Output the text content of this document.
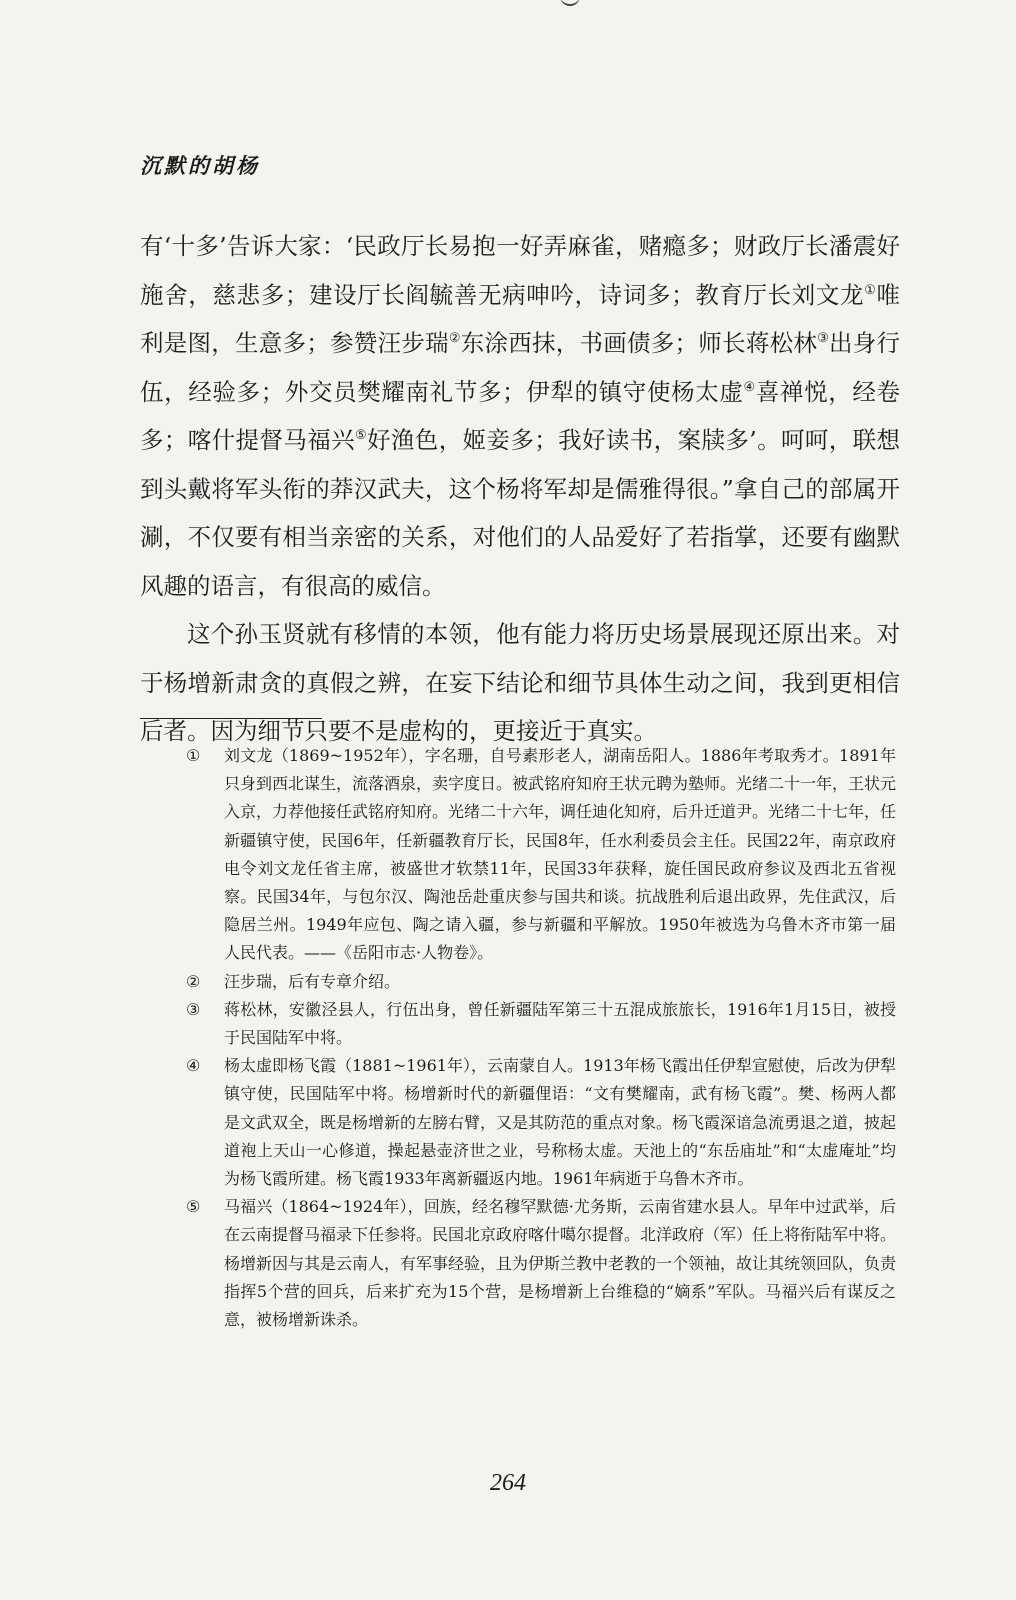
沉默的胡杨

有‘十多’告诉大家：‘民政厅长易抱一好弄麻雀，赌瘾多；财政厅长潘震好施舍，慈悲多；建设厅长阎毓善无病呻吟，诗词多；教育厅长刘文龙①唯利是图，生意多；参赞汪步瑞②东涂西抹，书画债多；师长蒋松林③出身行伍，经验多；外交员樊耀南礼节多；伊犁的镇守使杨太虚④喜禅悦，经卷多；喀什提督马福兴⑤好渔色，姬妾多；我好读书，案牍多’。呵呵，联想到头戴将军头衔的莽汉武夫，这个杨将军却是儒雅得很。”拿自己的部属开涮，不仅要有相当亲密的关系，对他们的人品爱好了若指掌，还要有幽默风趣的语言，有很高的威信。

这个孙玉贤就有移情的本领，他有能力将历史场景展现还原出来。对于杨增新肃贪的真假之辨，在妄下结论和细节具体生动之间，我到更相信后者。因为细节只要不是虚构的，更接近于真实。

①	刘文龙（1869~1952年），字名珊，自号素形老人，湖南岳阳人。1886年考取秀才。1891年只身到西北谋生，流落酒泉，卖字度日。被武铭府知府王状元聘为塾师。光绪二十一年，王状元入京，力荐他接任武铭府知府。光绪二十六年，调任迪化知府，后升迁道尹。光绪二十七年，任新疆镇守使，民国6年，任新疆教育厅长，民国8年，任水利委员会主任。民国22年，南京政府电令刘文龙任省主席，被盛世才软禁11年，民国33年获释，旋任国民政府参议及西北五省视察。民国34年，与包尔汉、陶池岳赴重庆参与国共和谈。抗战胜利后退出政界，先住武汉，后隐居兰州。1949年应包、陶之请入疆，参与新疆和平解放。1950年被选为乌鲁木齐市第一届人民代表。——《岳阳市志·人物卷》。
②	汪步瑞，后有专章介绍。
③	蒋松林，安徽泾县人，行伍出身，曾任新疆陆军第三十五混成旅旅长，1916年1月15日，被授于民国陆军中将。
④	杨太虚即杨飞霞（1881~1961年），云南蒙自人。1913年杨飞霞出任伊犁宣慰使，后改为伊犁镇守使，民国陆军中将。杨增新时代的新疆俚语：“文有樊耀南，武有杨飞霞”。樊、杨两人都是文武双全，既是杨增新的左膀右臂，又是其防范的重点对象。杨飞霞深谙急流勇退之道，披起道袍上天山一心修道，操起悬壶济世之业，号称杨太虚。天池上的“东岳庙址”和“太虚庵址”均为杨飞霞所建。杨飞霞1933年离新疆返内地。1961年病逝于乌鲁木齐市。
⑤	马福兴（1864~1924年），回族，经名穆罕默德·尤务斯，云南省建水县人。早年中过武举，后在云南提督马福录下任参将。民国北京政府喀什噶尔提督。北洋政府（军）任上将衔陆军中将。杨增新因与其是云南人，有军事经验，且为伊斯兰教中老教的一个领袖，故让其统领回队，负责指挥5个营的回兵，后来扩充为15个营，是杨增新上台维稳的“嫡系”军队。马福兴后有谋反之意，被杨增新诛杀。
264
